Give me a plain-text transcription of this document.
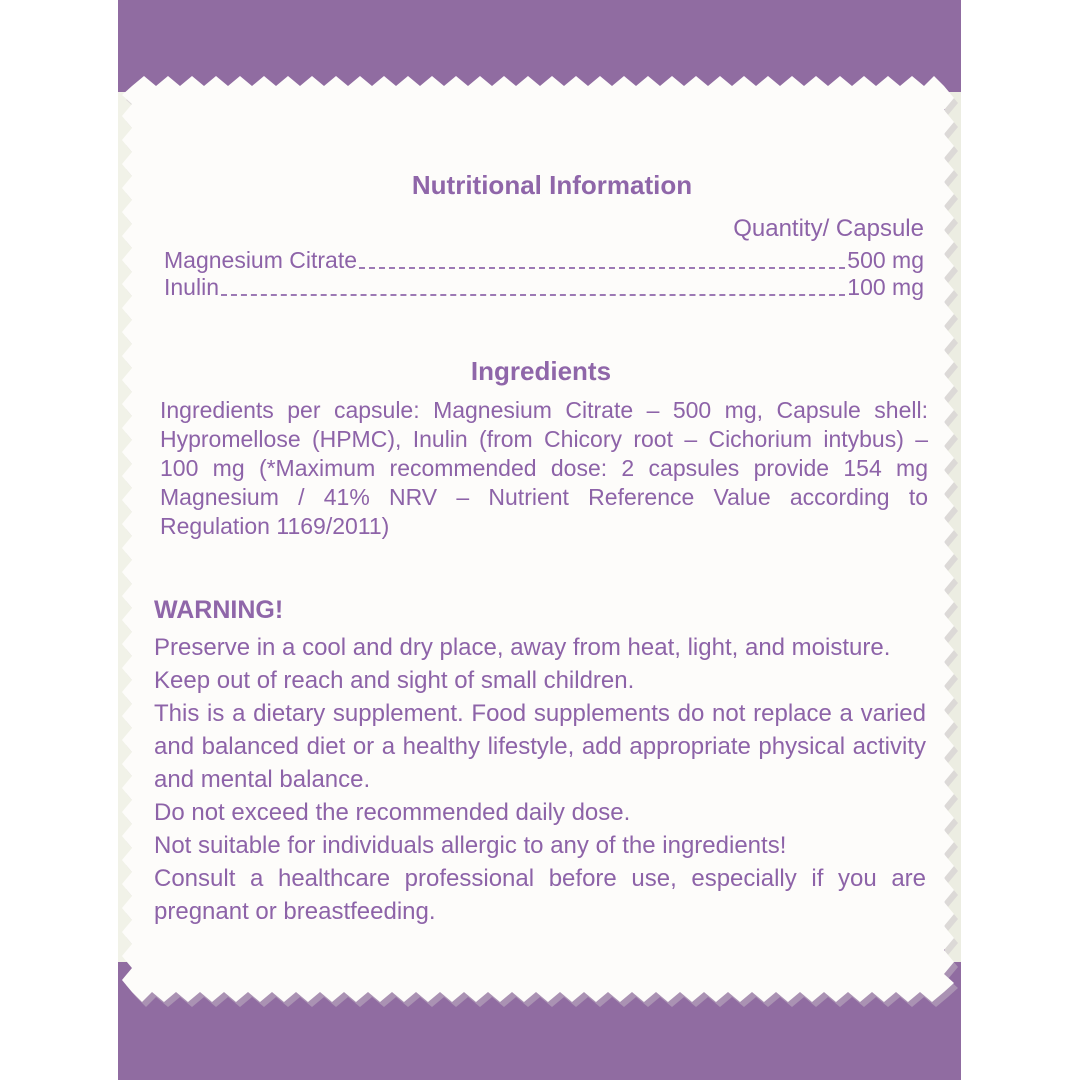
Nutritional Information
Quantity/ Capsule
Magnesium Citrate	500 mg
Inulin	100 mg
Ingredients
Ingredients per capsule: Magnesium Citrate – 500 mg, Capsule shell: Hypromellose (HPMC), Inulin (from Chicory root – Cichorium intybus) – 100 mg (*Maximum recommended dose: 2 capsules provide 154 mg Magnesium / 41% NRV – Nutrient Reference Value according to Regulation 1169/2011)
WARNING!

Preserve in a cool and dry place, away from heat, light, and moisture.

Keep out of reach and sight of small children.

This is a dietary supplement. Food supplements do not replace a varied and balanced diet or a healthy lifestyle, add appropriate physical activity and mental balance.

Do not exceed the recommended daily dose.

Not suitable for individuals allergic to any of the ingredients!

Consult a healthcare professional before use, especially if you are pregnant or breastfeeding.
